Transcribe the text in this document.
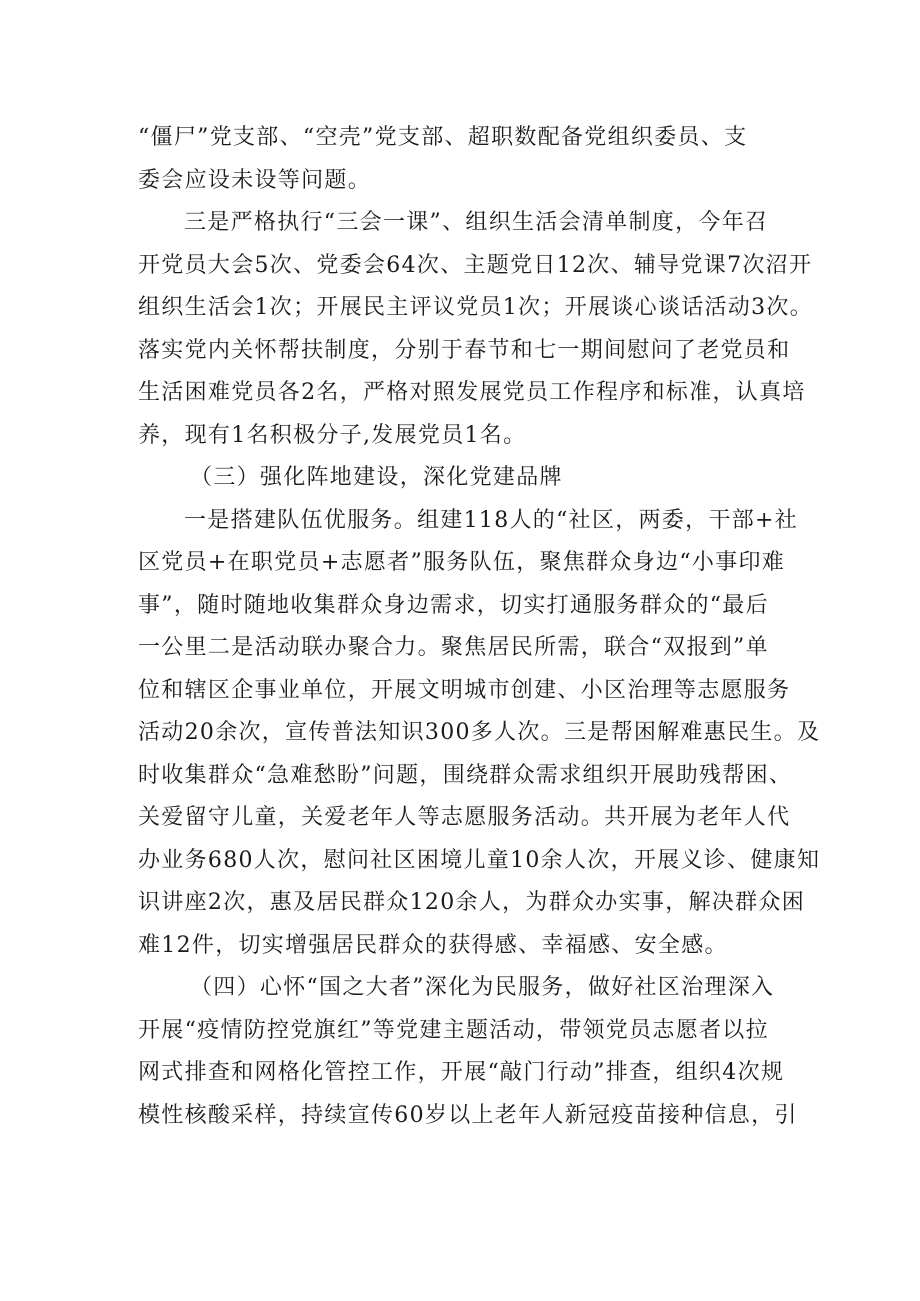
“僵尸”党支部、“空壳”党支部、超职数配备党组织委员、支
委会应设未设等问题。
三是严格执行“三会一课”、组织生活会清单制度，今年召
开党员大会5次、党委会64次、主题党日12次、辅导党课7次沼开
组织生活会1次；开展民主评议党员1次；开展谈心谈话活动3次。
落实党内关怀帮扶制度，分别于春节和七一期间慰问了老党员和
生活困难党员各2名，严格对照发展党员工作程序和标准，认真培
养，现有1名积极分子,发展党员1名。
（三）强化阵地建设，深化党建品牌
一是搭建队伍优服务。组建118人的“社区，两委，干部+社
区党员+在职党员+志愿者”服务队伍，聚焦群众身边“小事印难
事”，随时随地收集群众身边需求，切实打通服务群众的“最后
一公里二是活动联办聚合力。聚焦居民所需，联合“双报到”单
位和辖区企事业单位，开展文明城市创建、小区治理等志愿服务
活动20余次，宣传普法知识300多人次。三是帮困解难惠民生。及
时收集群众“急难愁盼”问题，围绕群众需求组织开展助残帮困、
关爱留守儿童，关爱老年人等志愿服务活动。共开展为老年人代
办业务680人次，慰问社区困境儿童10余人次，开展义诊、健康知
识讲座2次，惠及居民群众120余人，为群众办实事，解决群众困
难12件，切实增强居民群众的获得感、幸福感、安全感。
（四）心怀“国之大者”深化为民服务，做好社区治理深入
开展“疫情防控党旗红”等党建主题活动，带领党员志愿者以拉
网式排查和网格化管控工作，开展“敲门行动”排查，组织4次规
模性核酸采样，持续宣传60岁以上老年人新冠疫苗接种信息，引
